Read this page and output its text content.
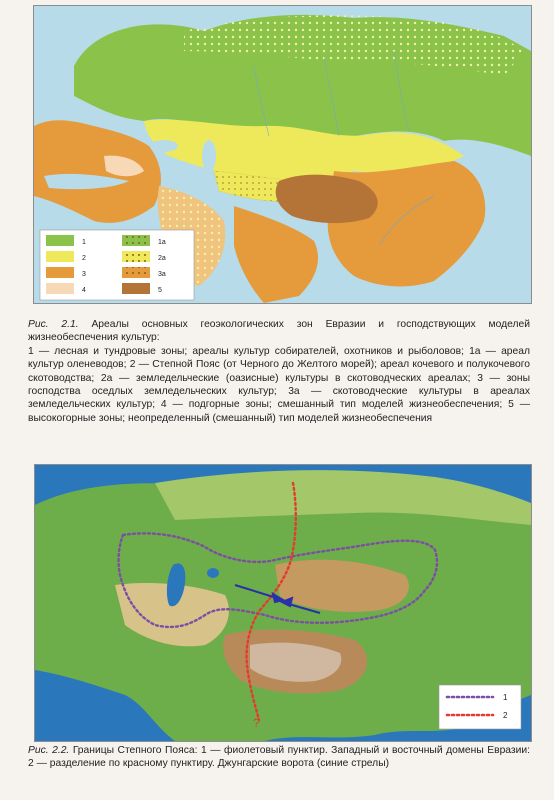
1	1a
2	2a
3	3a
4	5
Рис. 2.1. Ареалы основных геоэкологических зон Евразии и господствующих моделей жизнеобеспечения культур:
1 — лесная и тундровые зоны; ареалы культур собирателей, охотников и рыболовов; 1а — ареал культур оленеводов; 2 — Степной Пояс (от Черного до Желтого морей); ареал кочевого и полукочевого скотоводства; 2а — земледельческие (оазисные) культуры в скотоводческих ареалах; 3 — зоны господства оседлых земледельческих культур; 3а — скотоводческие культуры в ареалах земледельческих культур; 4 — подгорные зоны; смешанный тип моделей жизнеобеспечения; 5 — высокогорные зоны; неопределенный (смешанный) тип моделей жизнеобеспечения
?
1
2
Рис. 2.2. Границы Степного Пояса: 1 — фиолетовый пунктир. Западный и восточный домены Евразии: 2 — разделение по красному пунктиру. Джунгарские ворота (синие стрелы)
